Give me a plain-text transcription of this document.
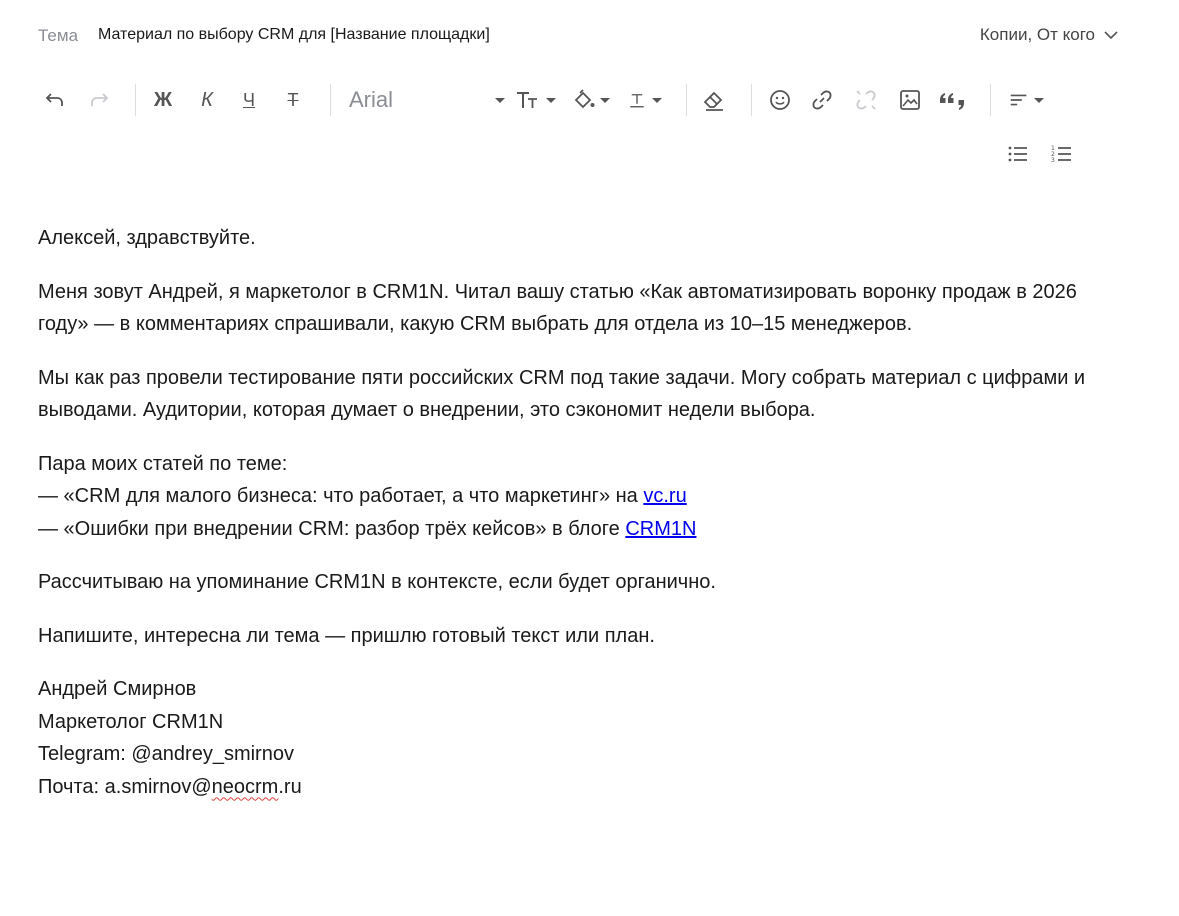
Тема Материал по выбору CRM для [Название площадки]	Копии, От кого
Ж К Ч Т Arial
1
2
3

Алексей, здравствуйте.

Меня зовут Андрей, я маркетолог в CRM1N. Читал вашу статью «Как автоматизировать воронку продаж в 2026 году» — в комментариях спрашивали, какую CRM выбрать для отдела из 10–15 менеджеров.

Мы как раз провели тестирование пяти российских CRM под такие задачи. Могу собрать материал с цифрами и выводами. Аудитории, которая думает о внедрении, это сэкономит недели выбора.

Пара моих статей по теме:
— «CRM для малого бизнеса: что работает, а что маркетинг» на vc.ru
— «Ошибки при внедрении CRM: разбор трёх кейсов» в блоге CRM1N

Рассчитываю на упоминание CRM1N в контексте, если будет органично.

Напишите, интересна ли тема — пришлю готовый текст или план.

Андрей Смирнов
Маркетолог CRM1N
Telegram: @andrey_smirnov
Почта: a.smirnov@neocrm.ru
